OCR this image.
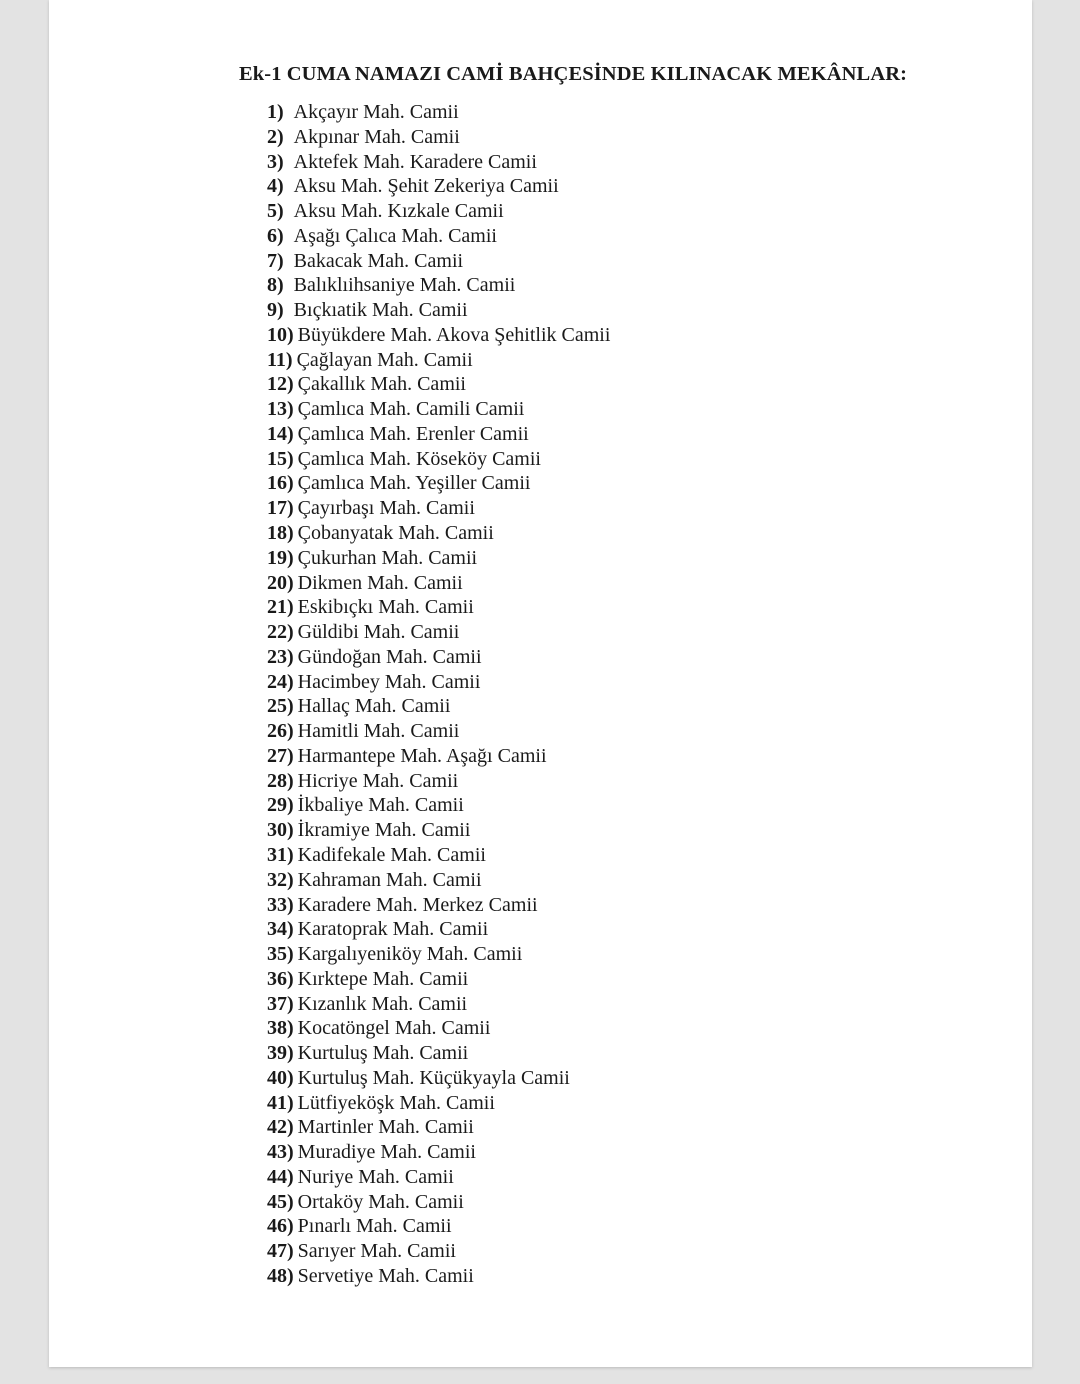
Ek-1 CUMA NAMAZI CAMİ BAHÇESİNDE KILINACAK MEKÂNLAR:
1) Akçayır Mah. Camii
2) Akpınar Mah. Camii
3) Aktefek Mah. Karadere Camii
4) Aksu Mah. Şehit Zekeriya Camii
5) Aksu Mah. Kızkale Camii
6) Aşağı Çalıca Mah. Camii
7) Bakacak Mah. Camii
8) Balıklıihsaniye Mah. Camii
9) Bıçkıatik Mah. Camii
10) Büyükdere Mah. Akova Şehitlik Camii
11) Çağlayan Mah. Camii
12) Çakallık Mah. Camii
13) Çamlıca Mah. Camili Camii
14) Çamlıca Mah. Erenler Camii
15) Çamlıca Mah. Köseköy Camii
16) Çamlıca Mah. Yeşiller Camii
17) Çayırbaşı Mah. Camii
18) Çobanyatak Mah. Camii
19) Çukurhan Mah. Camii
20) Dikmen Mah. Camii
21) Eskibıçkı Mah. Camii
22) Güldibi Mah. Camii
23) Gündoğan Mah. Camii
24) Hacimbey Mah. Camii
25) Hallaç Mah. Camii
26) Hamitli Mah. Camii
27) Harmantepe Mah. Aşağı Camii
28) Hicriye Mah. Camii
29) İkbaliye Mah. Camii
30) İkramiye Mah. Camii
31) Kadifekale Mah. Camii
32) Kahraman Mah. Camii
33) Karadere Mah. Merkez Camii
34) Karatoprak Mah. Camii
35) Kargalıyeniköy Mah. Camii
36) Kırktepe Mah. Camii
37) Kızanlık Mah. Camii
38) Kocatöngel Mah. Camii
39) Kurtuluş Mah. Camii
40) Kurtuluş Mah. Küçükyayla Camii
41) Lütfiyeköşk Mah. Camii
42) Martinler Mah. Camii
43) Muradiye Mah. Camii
44) Nuriye Mah. Camii
45) Ortaköy Mah. Camii
46) Pınarlı Mah. Camii
47) Sarıyer Mah. Camii
48) Servetiye Mah. Camii
